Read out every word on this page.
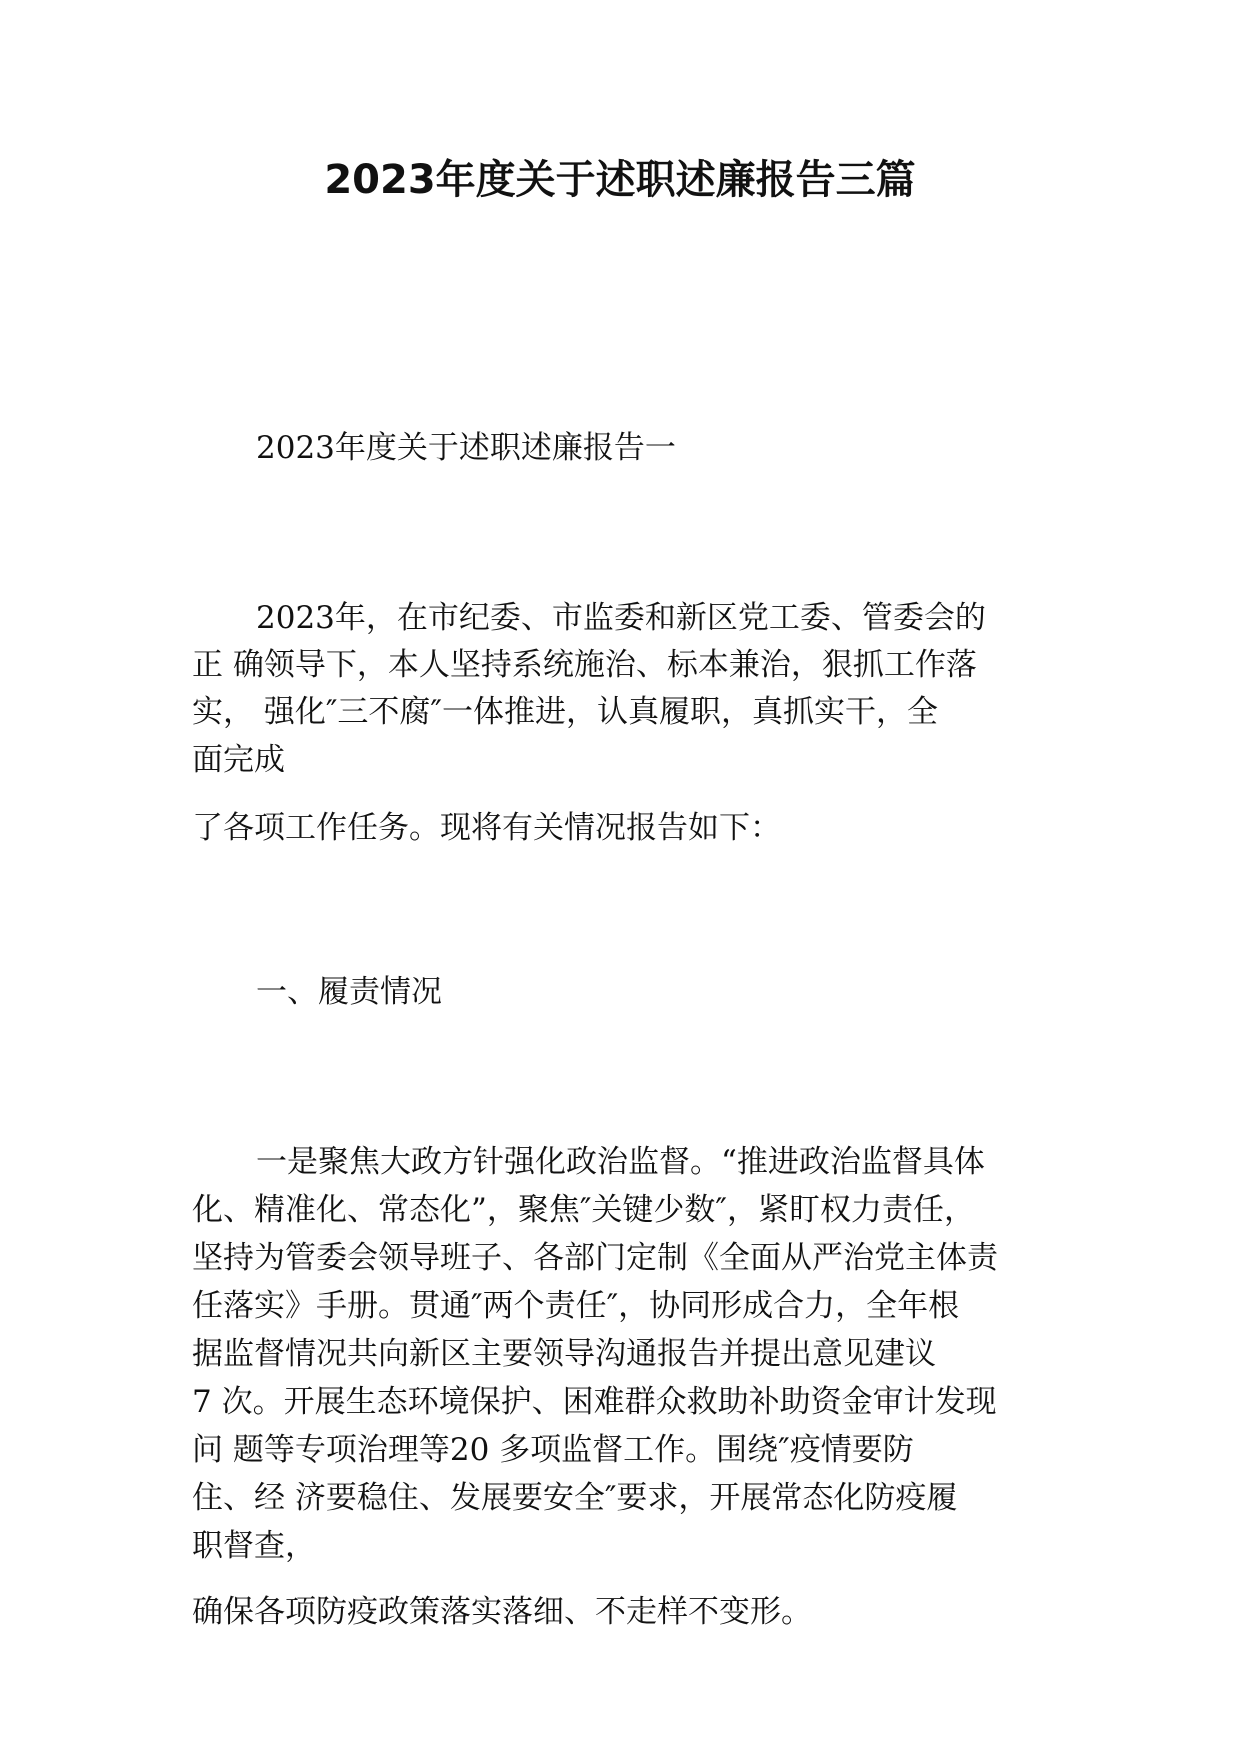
2023年度关于述职述廉报告三篇
2023年度关于述职述廉报告一
2023年，在市纪委、市监委和新区党工委、管委会的
正 确领导下，本人坚持系统施治、标本兼治，狠抓工作落
实， 强化″三不腐″一体推进，认真履职，真抓实干，全
面完成
了各项工作任务。现将有关情况报告如下：
一、履责情况
一是聚焦大政方针强化政治监督。“推进政治监督具体
化、精准化、常态化”，聚焦″关键少数″，紧盯权力责任，
坚持为管委会领导班子、各部门定制《全面从严治党主体责
任落实》手册。贯通″两个责任″，协同形成合力，全年根
据监督情况共向新区主要领导沟通报告并提出意见建议
7 次。开展生态环境保护、困难群众救助补助资金审计发现
问 题等专项治理等20 多项监督工作。围绕″疫情要防
住、经 济要稳住、发展要安全″要求，开展常态化防疫履
职督查，
确保各项防疫政策落实落细、不走样不变形。
